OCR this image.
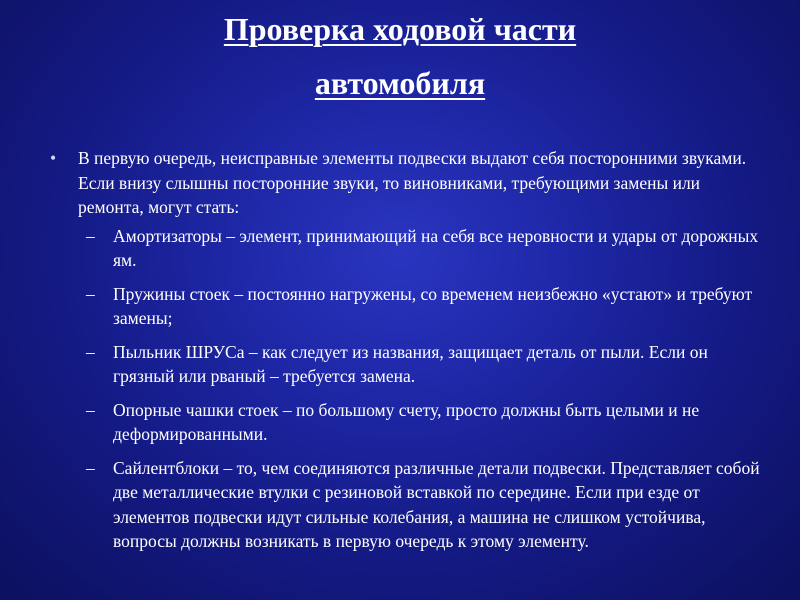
Проверка ходовой части
автомобиля
•	В первую очередь, неисправные элементы подвески выдают себя посторонними звуками. Если внизу слышны посторонние звуки, то виновниками, требующими замены или ремонта, могут стать:
– Амортизаторы – элемент, принимающий на себя все неровности и удары от дорожных ям.
– Пружины стоек – постоянно нагружены, со временем неизбежно «устают» и требуют замены;
– Пыльник ШРУСа – как следует из названия, защищает деталь от пыли. Если он грязный или рваный – требуется замена.
– Опорные чашки стоек – по большому счету, просто должны быть целыми и не деформированными.
– Сайлентблоки – то, чем соединяются различные детали подвески. Представляет собой две металлические втулки с резиновой вставкой по середине. Если при езде от элементов подвески идут сильные колебания, а машина не слишком устойчива, вопросы должны возникать в первую очередь к этому элементу.
